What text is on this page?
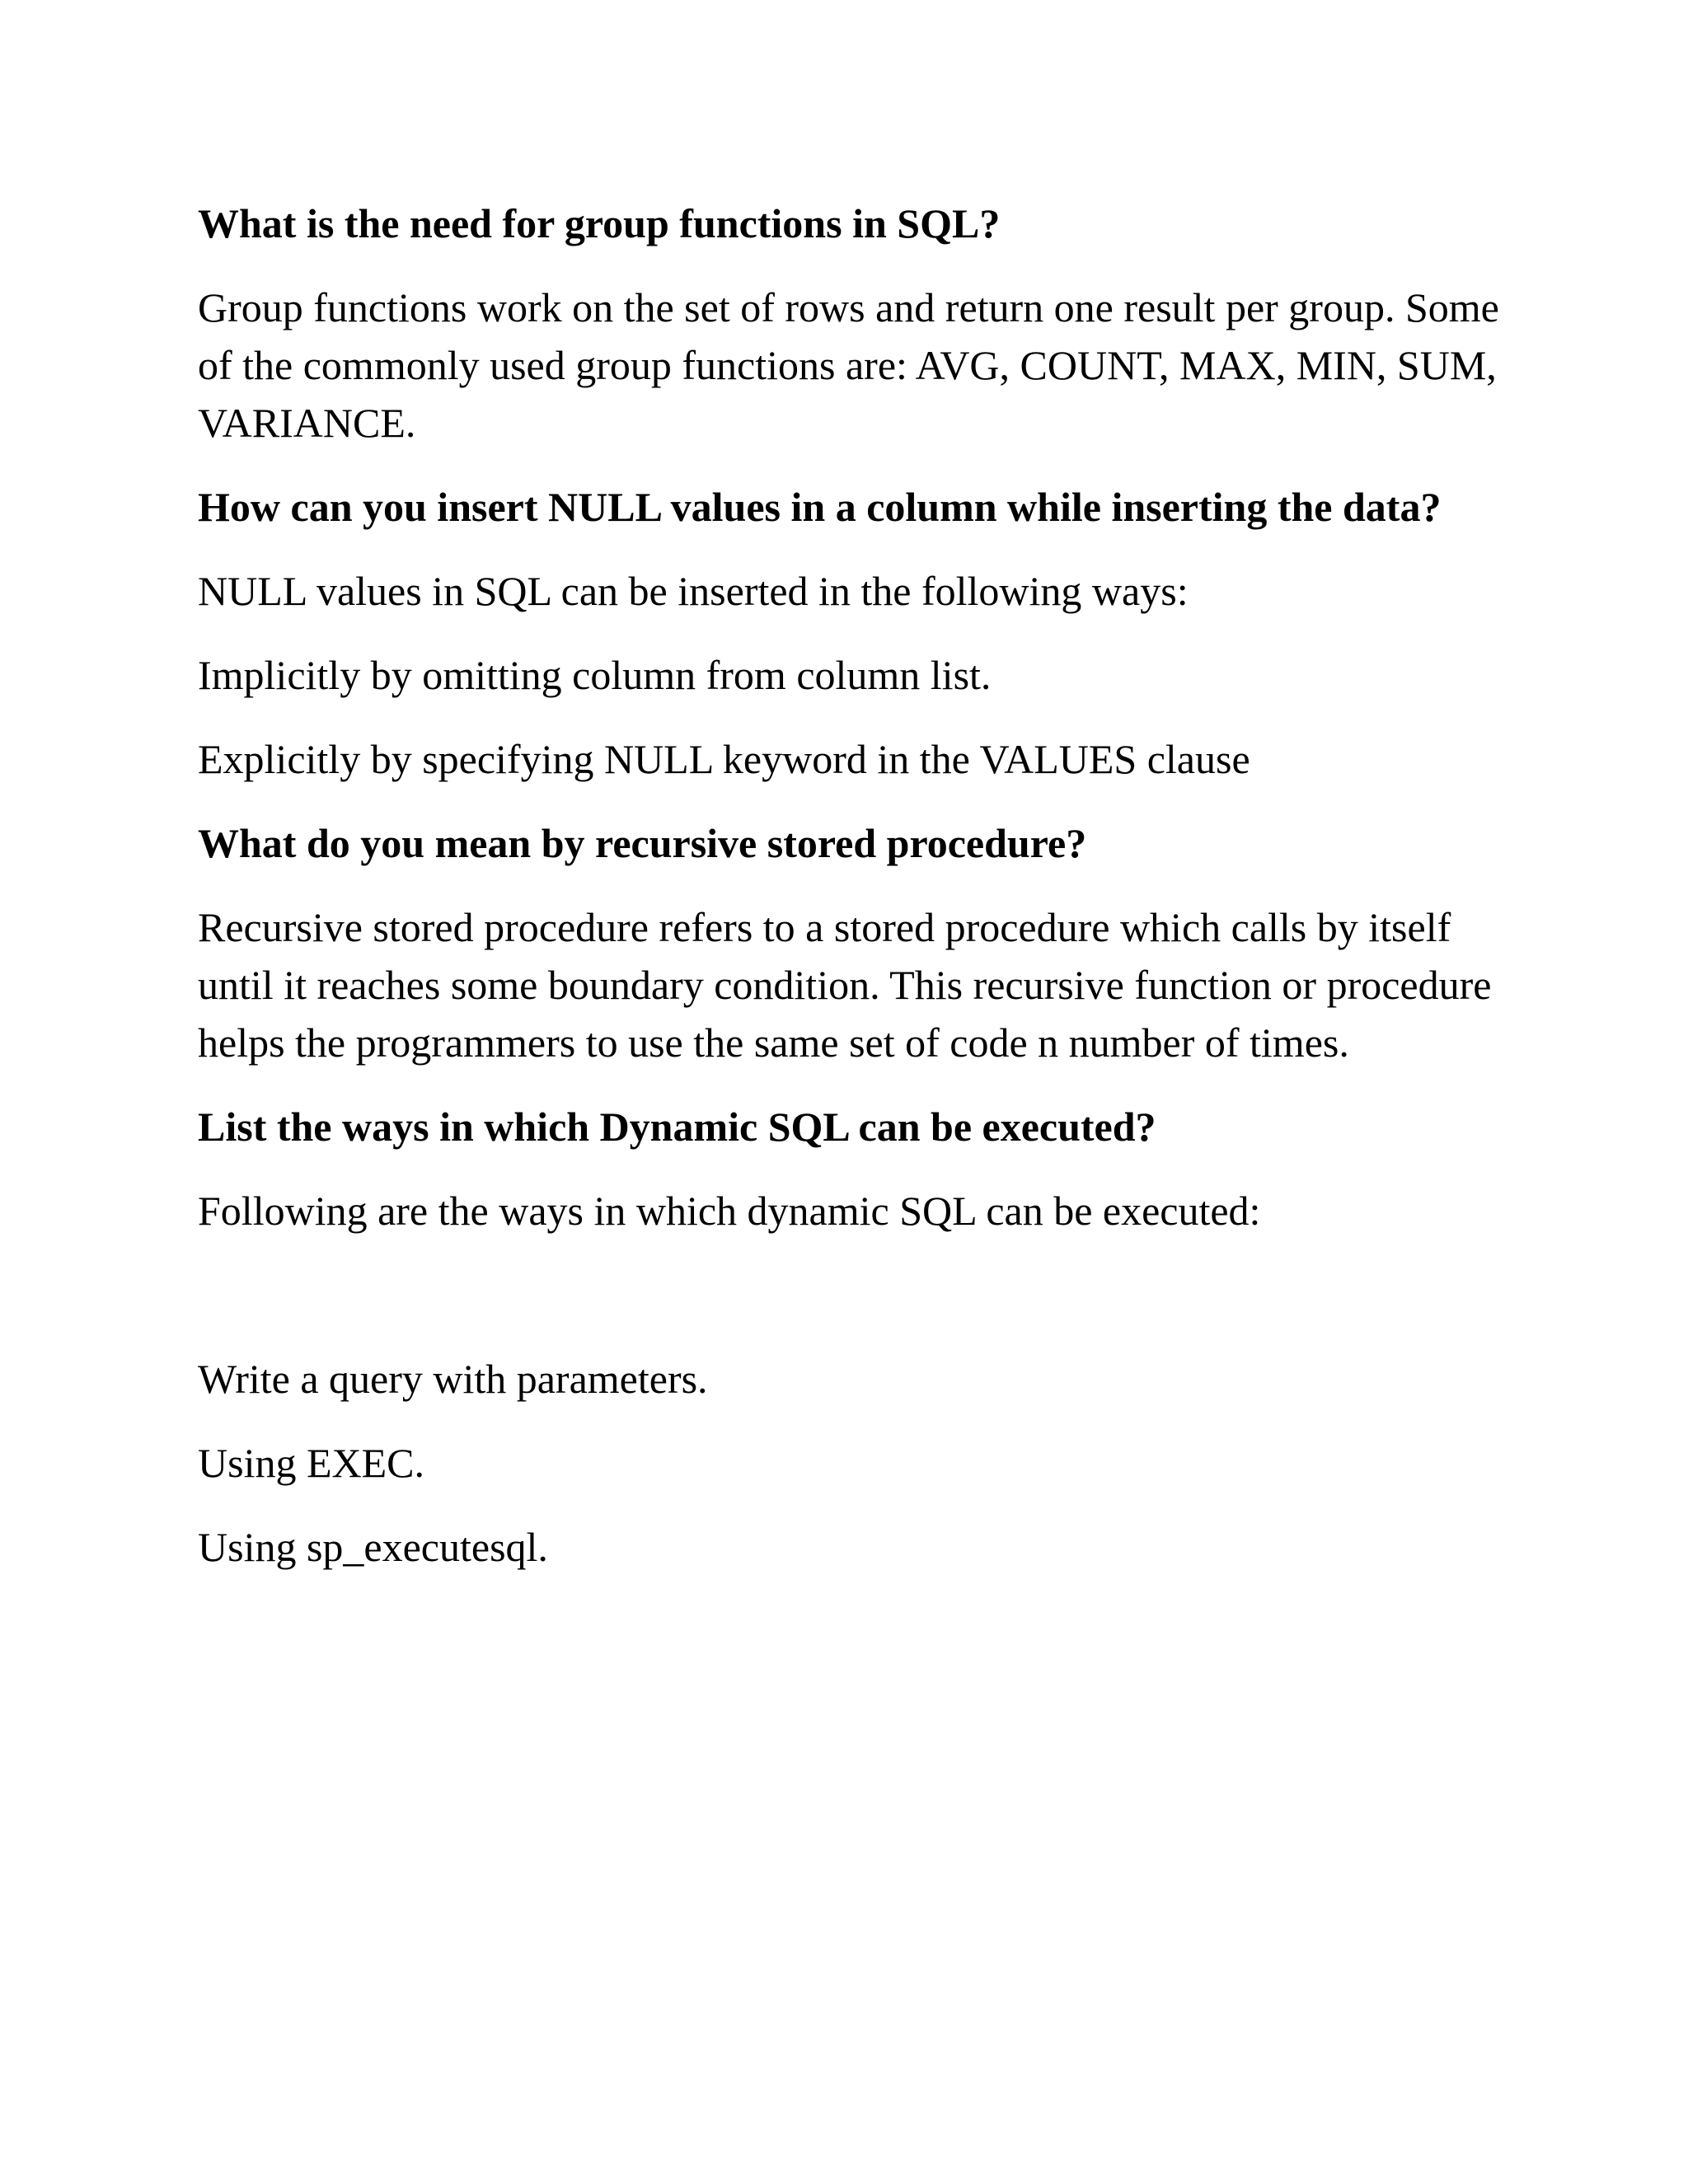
What is the need for group functions in SQL?
Group functions work on the set of rows and return one result per group. Some of the commonly used group functions are: AVG, COUNT, MAX, MIN, SUM, VARIANCE.
How can you insert NULL values in a column while inserting the data?
NULL values in SQL can be inserted in the following ways:
Implicitly by omitting column from column list.
Explicitly by specifying NULL keyword in the VALUES clause
What do you mean by recursive stored procedure?
Recursive stored procedure refers to a stored procedure which calls by itself until it reaches some boundary condition. This recursive function or procedure helps the programmers to use the same set of code n number of times.
List the ways in which Dynamic SQL can be executed?
Following are the ways in which dynamic SQL can be executed:
Write a query with parameters.
Using EXEC.
Using sp_executesql.
